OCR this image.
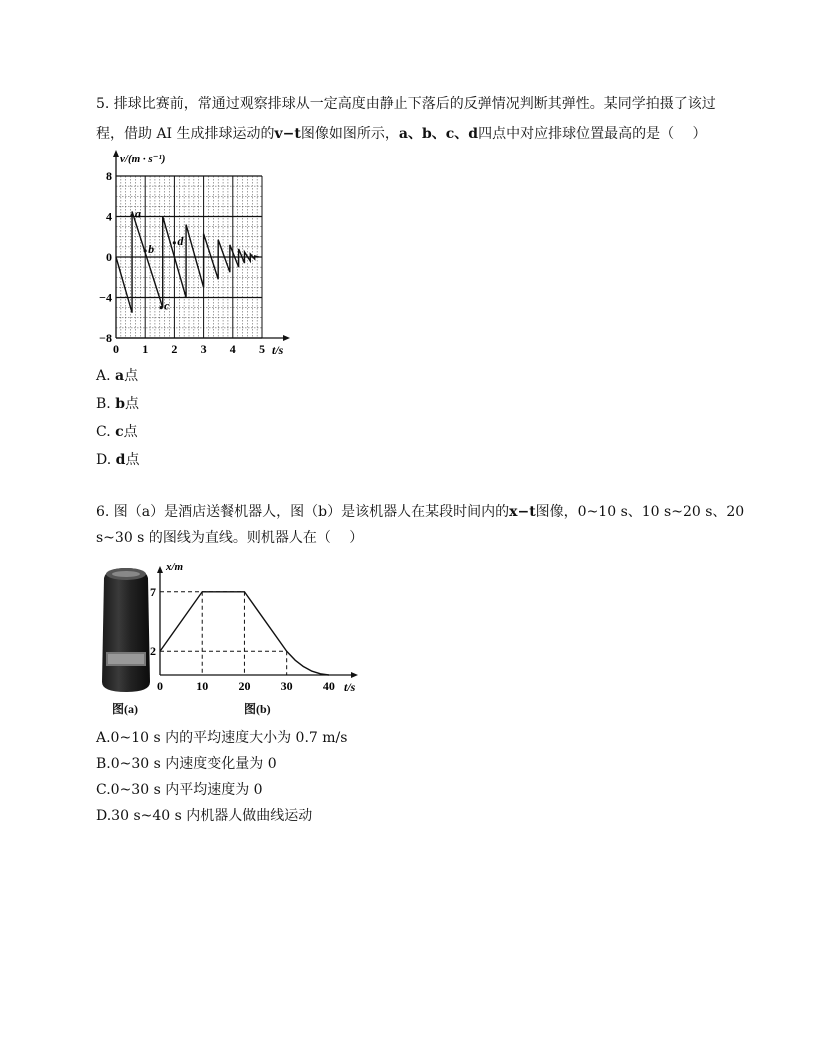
5. 排球比赛前，常通过观察排球从一定高度由静止下落后的反弹情况判断其弹性。某同学拍摄了该过
程，借助 AI 生成排球运动的v−t图像如图所示，a、b、c、d四点中对应排球位置最高的是（　 ）
8
4
0
−4
−8
0 1 2 3 4 5
v/(m · s⁻¹)
t/s
a
b
c
d
A. a点
B. b点
C. c点
D. d点
6. 图（a）是酒店送餐机器人，图（b）是该机器人在某段时间内的x−t图像，0~10 s、10 s~20 s、20
s~30 s 的图线为直线。则机器人在（　 ）
图(a)
2
7
0	10	20	30	40
x/m
t/s
图(b)
A.0~10 s 内的平均速度大小为 0.7 m/s
B.0~30 s 内速度变化量为 0
C.0~30 s 内平均速度为 0
D.30 s~40 s 内机器人做曲线运动
